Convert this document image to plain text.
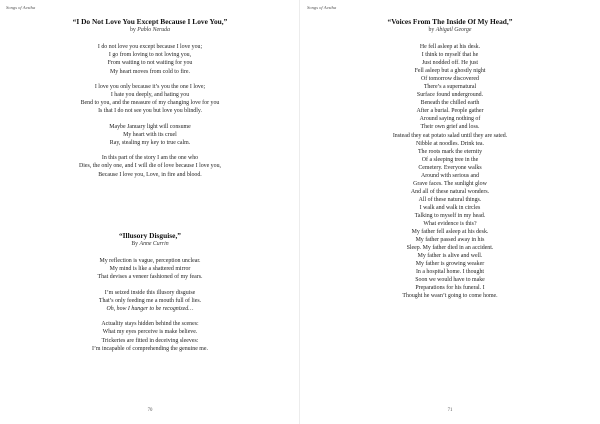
Songs of Aestha
“I Do Not Love You Except Because I Love You,”
by Pablo Neruda
I do not love you except because I love you;
I go from loving to not loving you,
From waiting to not waiting for you
My heart moves from cold to fire.
I love you only because it’s you the one I love;
I hate you deeply, and hating you
Bend to you, and the measure of my changing love for you
Is that I do not see you but love you blindly.
Maybe January light will consume
My heart with its cruel
Ray, stealing my key to true calm.
In this part of the story I am the one who
Dies, the only one, and I will die of love because I love you,
Because I love you, Love, in fire and blood.
“Illusory Disguise,”
By Anne Currin
My reflection is vague, perception unclear.
My mind is like a shattered mirror
That devises a veneer fashioned of my fears.
I’m seized inside this illusory disguise
That’s only feeding me a mouth full of lies.
Oh, how I hunger to be recognized…
Actuality stays hidden behind the scenes:
What my eyes perceive is make believe.
Trickeries are fitted in deceiving sleeves:
I’m incapable of comprehending the genuine me.
70
Songs of Aestha
“Voices From The Inside Of My Head,”
by Abigail George
He fell asleep at his desk.
I think to myself that he
Just nodded off. He just
Fell asleep but a ghostly night
Of tomorrow discovered
There’s a supernatural
Surface found underground.
Beneath the chilled earth
After a burial. People gather
Around saying nothing of
Their own grief and loss.
Instead they eat potato salad until they are sated.
Nibble at noodles. Drink tea.
The roots mark the eternity
Of a sleeping tree in the
Cemetery. Everyone walks
Around with serious and
Grave faces. The sunlight glow
And all of these natural wonders.
All of these natural things.
I walk and walk in circles
Talking to myself in my head.
What evidence is this?
My father fell asleep at his desk.
My father passed away in his
Sleep. My father died in an accident.
My father is alive and well.
My father is growing weaker
In a hospital home. I thought
Soon we would have to make
Preparations for his funeral. I
Thought he wasn’t going to come home.
71
